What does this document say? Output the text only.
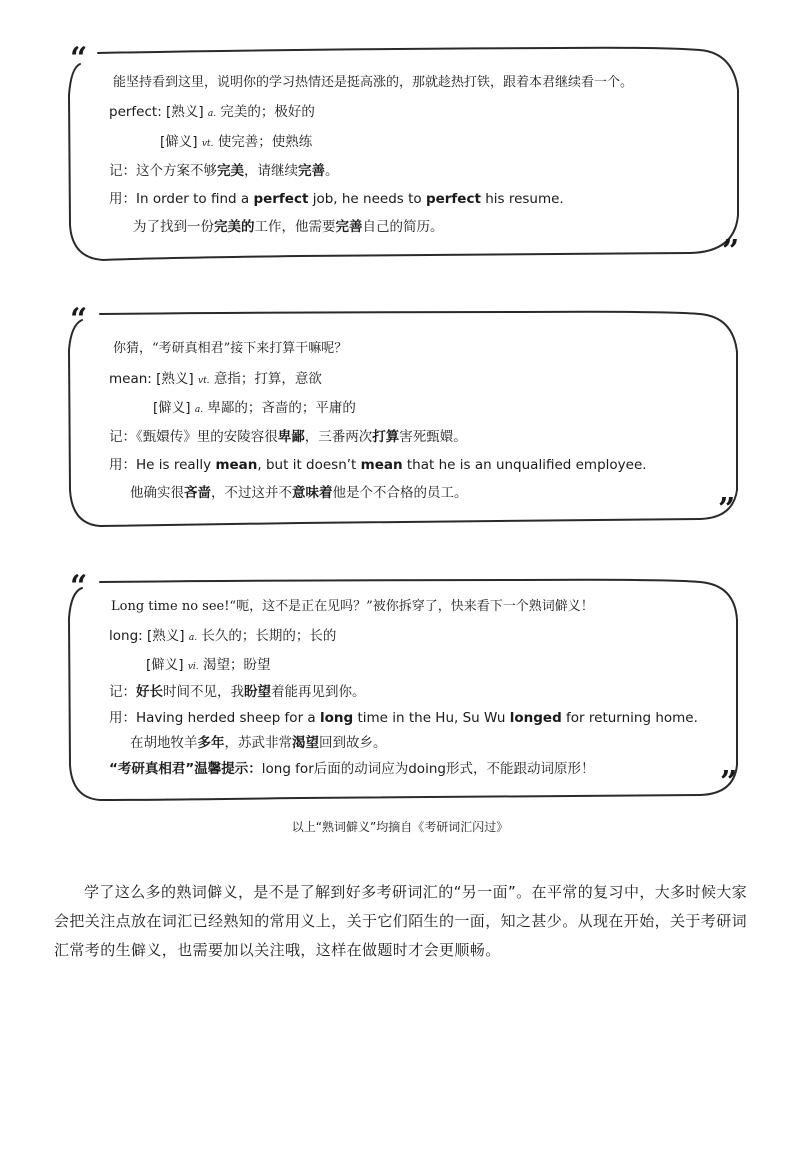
“
”
能坚持看到这里，说明你的学习热情还是挺高涨的，那就趁热打铁，跟着本君继续看一个。
perfect: [熟义] a. 完美的；极好的
[僻义] vt. 使完善；使熟练
记：这个方案不够完美，请继续完善。
用：In order to find a perfect job, he needs to perfect his resume.
为了找到一份完美的工作，他需要完善自己的简历。
“
”
你猜，“考研真相君”接下来打算干嘛呢？
mean: [熟义] vt. 意指；打算，意欲
[僻义] a. 卑鄙的；吝啬的；平庸的
记：《甄嬛传》里的安陵容很卑鄙，三番两次打算害死甄嬛。
用：He is really mean, but it doesn’t mean that he is an unqualified employee.
他确实很吝啬，不过这并不意味着他是个不合格的员工。
“
”
Long time no see!“呃，这不是正在见吗？”被你拆穿了，快来看下一个熟词僻义！
long: [熟义] a. 长久的；长期的；长的
[僻义] vi. 渴望；盼望
记：好长时间不见，我盼望着能再见到你。
用：Having herded sheep for a long time in the Hu, Su Wu longed for returning home.
在胡地牧羊多年，苏武非常渴望回到故乡。
“考研真相君”温馨提示：long for后面的动词应为doing形式，不能跟动词原形！
以上“熟词僻义”均摘自《考研词汇闪过》
学了这么多的熟词僻义，是不是了解到好多考研词汇的“另一面”。在平常的复习中，大多时候大家会把关注点放在词汇已经熟知的常用义上，关于它们陌生的一面，知之甚少。从现在开始，关于考研词汇常考的生僻义，也需要加以关注哦，这样在做题时才会更顺畅。
